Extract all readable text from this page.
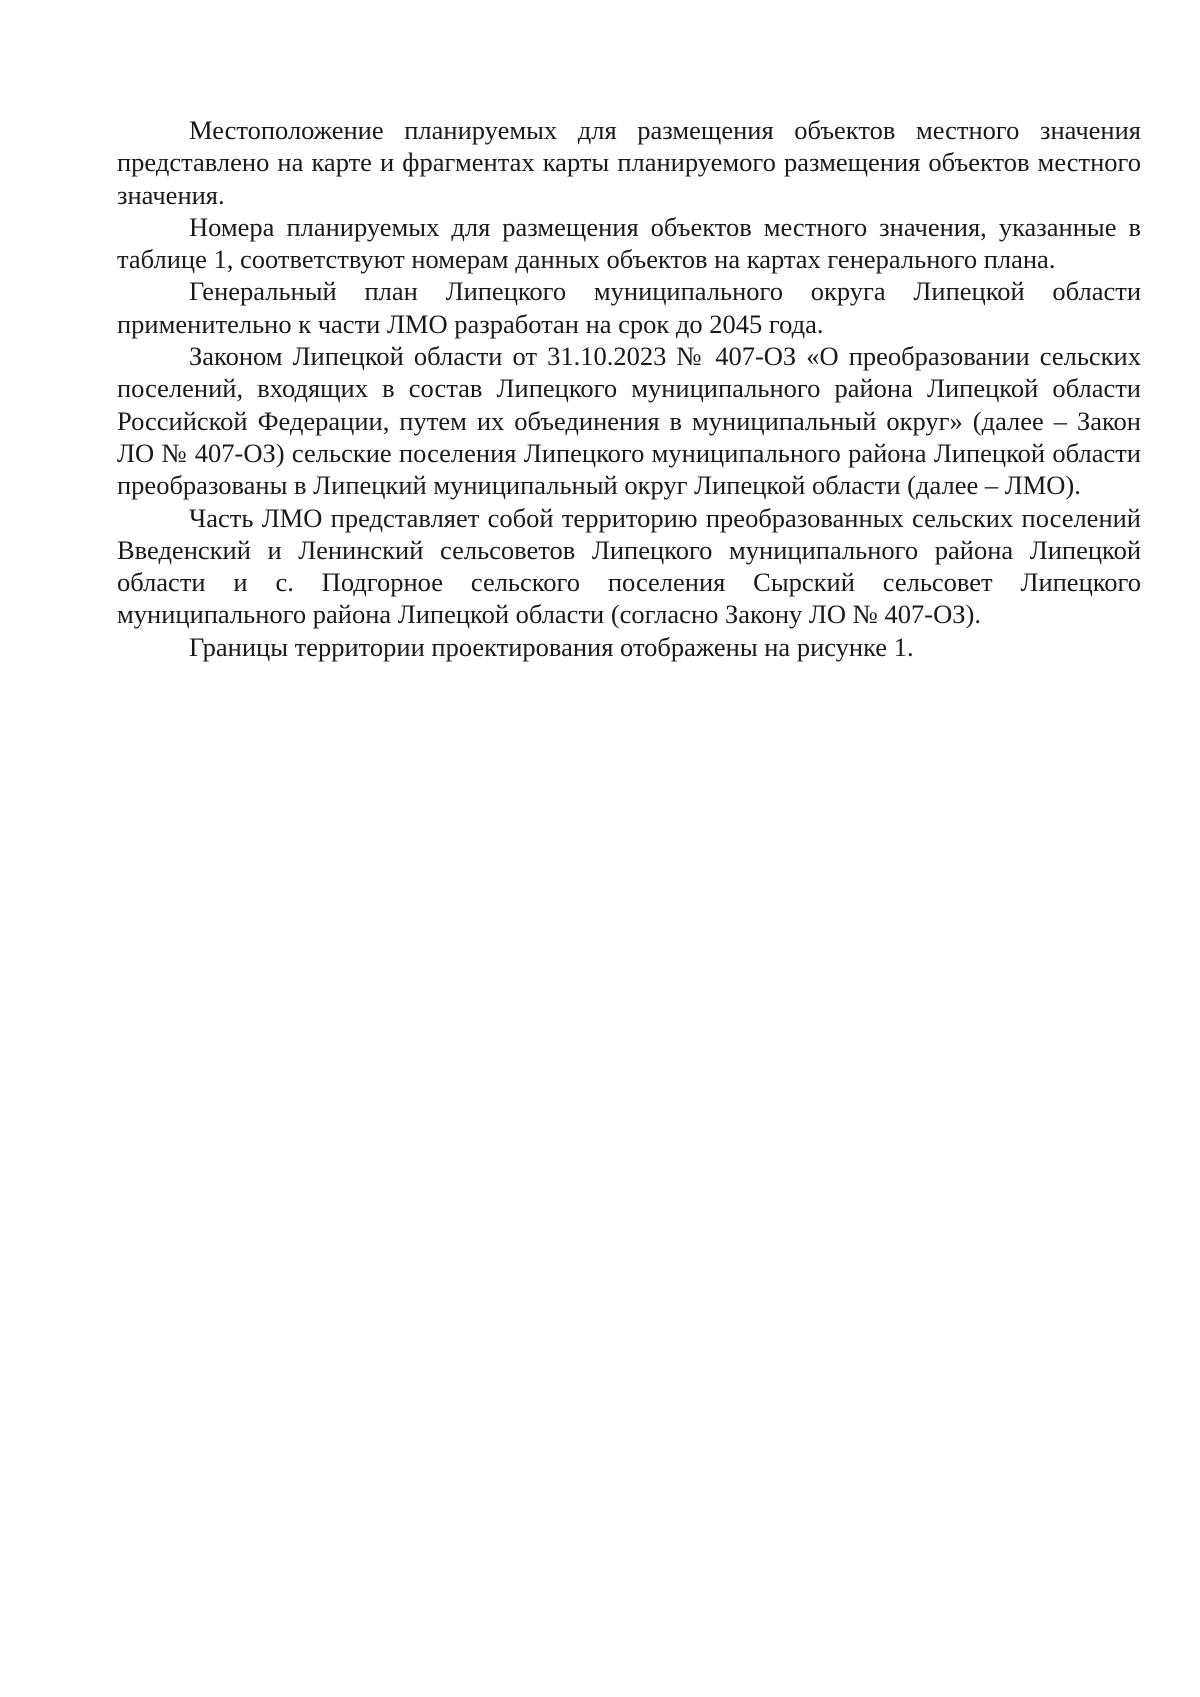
Местоположение планируемых для размещения объектов местного значения представлено на карте и фрагментах карты планируемого размещения объектов местного значения.

Номера планируемых для размещения объектов местного значения, указанные в таблице 1, соответствуют номерам данных объектов на картах генерального плана.

Генеральный план Липецкого муниципального округа Липецкой области применительно к части ЛМО разработан на срок до 2045 года.

Законом Липецкой области от 31.10.2023 № 407-ОЗ «О преобразовании сельских поселений, входящих в состав Липецкого муниципального района Липецкой области Российской Федерации, путем их объединения в муниципальный округ» (далее – Закон ЛО № 407-ОЗ) сельские поселения Липецкого муниципального района Липецкой области преобразованы в Липецкий муниципальный округ Липецкой области (далее – ЛМО).

Часть ЛМО представляет собой территорию преобразованных сельских поселений Введенский и Ленинский сельсоветов Липецкого муниципального района Липецкой области и с. Подгорное сельского поселения Сырский сельсовет Липецкого муниципального района Липецкой области (согласно Закону ЛО № 407-ОЗ).

Границы территории проектирования отображены на рисунке 1.
